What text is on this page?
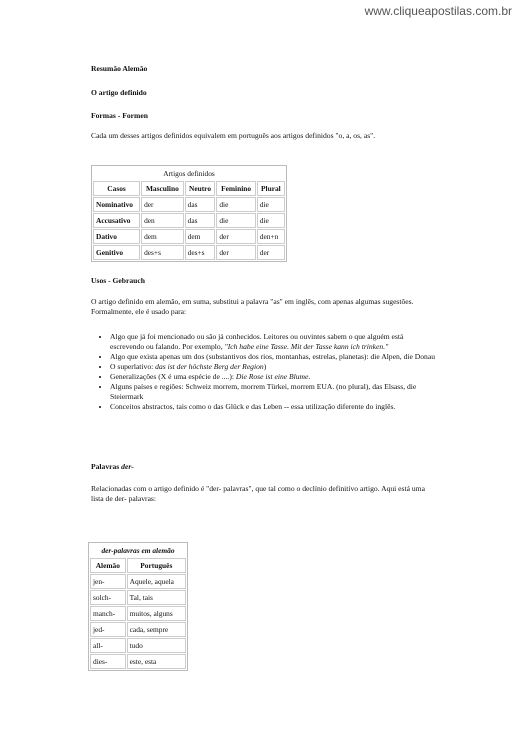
www.cliqueapostilas.com.br
Resumão Alemão
O artigo definido
Formas - Formen
Cada um desses artigos definidos equivalem em português aos artigos definidos "o, a, os, as".
Artigos definidos				
Casos	Masculino	Neutro	Feminino	Plural
Nominativo	der	das	die	die
Accusativo	den	das	die	die
Dativo	dem	dem	der	den+n
Genitivo	des+s	des+s	der	der
Usos - Gebrauch
O artigo definido em alemão, em suma, substitui a palavra "as" em inglês, com apenas algumas sugestões. Formalmente, ele é usado para:
• Algo que já foi mencionado ou são já conhecidos. Leitores ou ouvintes sabem o que alguém está escrevendo ou falando. Por exemplo, "Ich habe eine Tasse. Mit der Tasse kann ich trinken."
• Algo que exista apenas um dos (substantivos dos rios, montanhas, estrelas, planetas): die Alpen, die Donau
• O superlativo: das ist der höchste Berg der Region)
• Generalizações (X é uma espécie de ....): Die Rose ist eine Blume.
• Alguns países e regiões: Schweiz morrem, morrem Türkei, morrem EUA. (no plural), das Elsass, die Steiermark
• Conceitos abstractos, tais como o das Glück e das Leben -- essa utilização diferente do inglês.
Palavras der-
Relacionadas com o artigo definido é "der- palavras", que tal como o declínio definitivo artigo. Aqui está uma lista de der- palavras:
der-palavras em alemão	
Alemão	Português
jen-	Aquele, aquela
solch-	Tal, tais
manch-	muitos, alguns
jed-	cada, sempre
all-	tudo
dies-	este, esta
